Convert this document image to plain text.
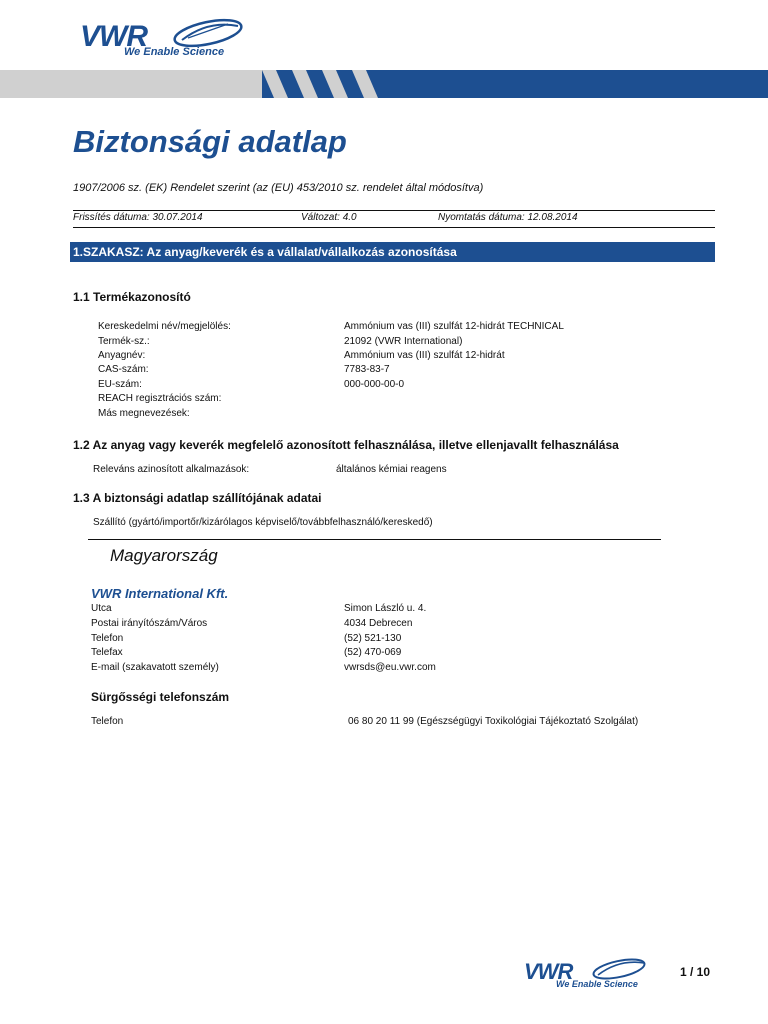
VWR
We Enable Science
Biztonsági adatlap
1907/2006 sz. (EK) Rendelet szerint (az (EU) 453/2010 sz. rendelet által módosítva)
Frissítés dátuma: 30.07.2014	Változat: 4.0	Nyomtatás dátuma: 12.08.2014
1.SZAKASZ: Az anyag/keverék és a vállalat/vállalkozás azonosítása
1.1 Termékazonosító
Kereskedelmi név/megjelölés:	Ammónium vas (III) szulfát 12-hidrát TECHNICAL
Termék-sz.:	21092 (VWR International)
Anyagnév:	Ammónium vas (III) szulfát 12-hidrát
CAS-szám:	7783-83-7
EU-szám:	000-000-00-0
REACH regisztrációs szám:
Más megnevezések:
1.2 Az anyag vagy keverék megfelelő azonosított felhasználása, illetve ellenjavallt felhasználása
Releváns azinosított alkalmazások:	általános kémiai reagens
1.3 A biztonsági adatlap szállítójának adatai
Szállító (gyártó/importőr/kizárólagos képviselő/továbbfelhasználó/kereskedő)
Magyarország
VWR International Kft.
Utca	Simon László u. 4.
Postai irányítószám/Város	4034 Debrecen
Telefon	(52) 521-130
Telefax	(52) 470-069
E-mail (szakavatott személy)	vwrsds@eu.vwr.com
Sürgősségi telefonszám
Telefon	06 80 20 11 99 (Egészségügyi Toxikológiai Tájékoztató Szolgálat)
VWR
We Enable Science
1 / 10
